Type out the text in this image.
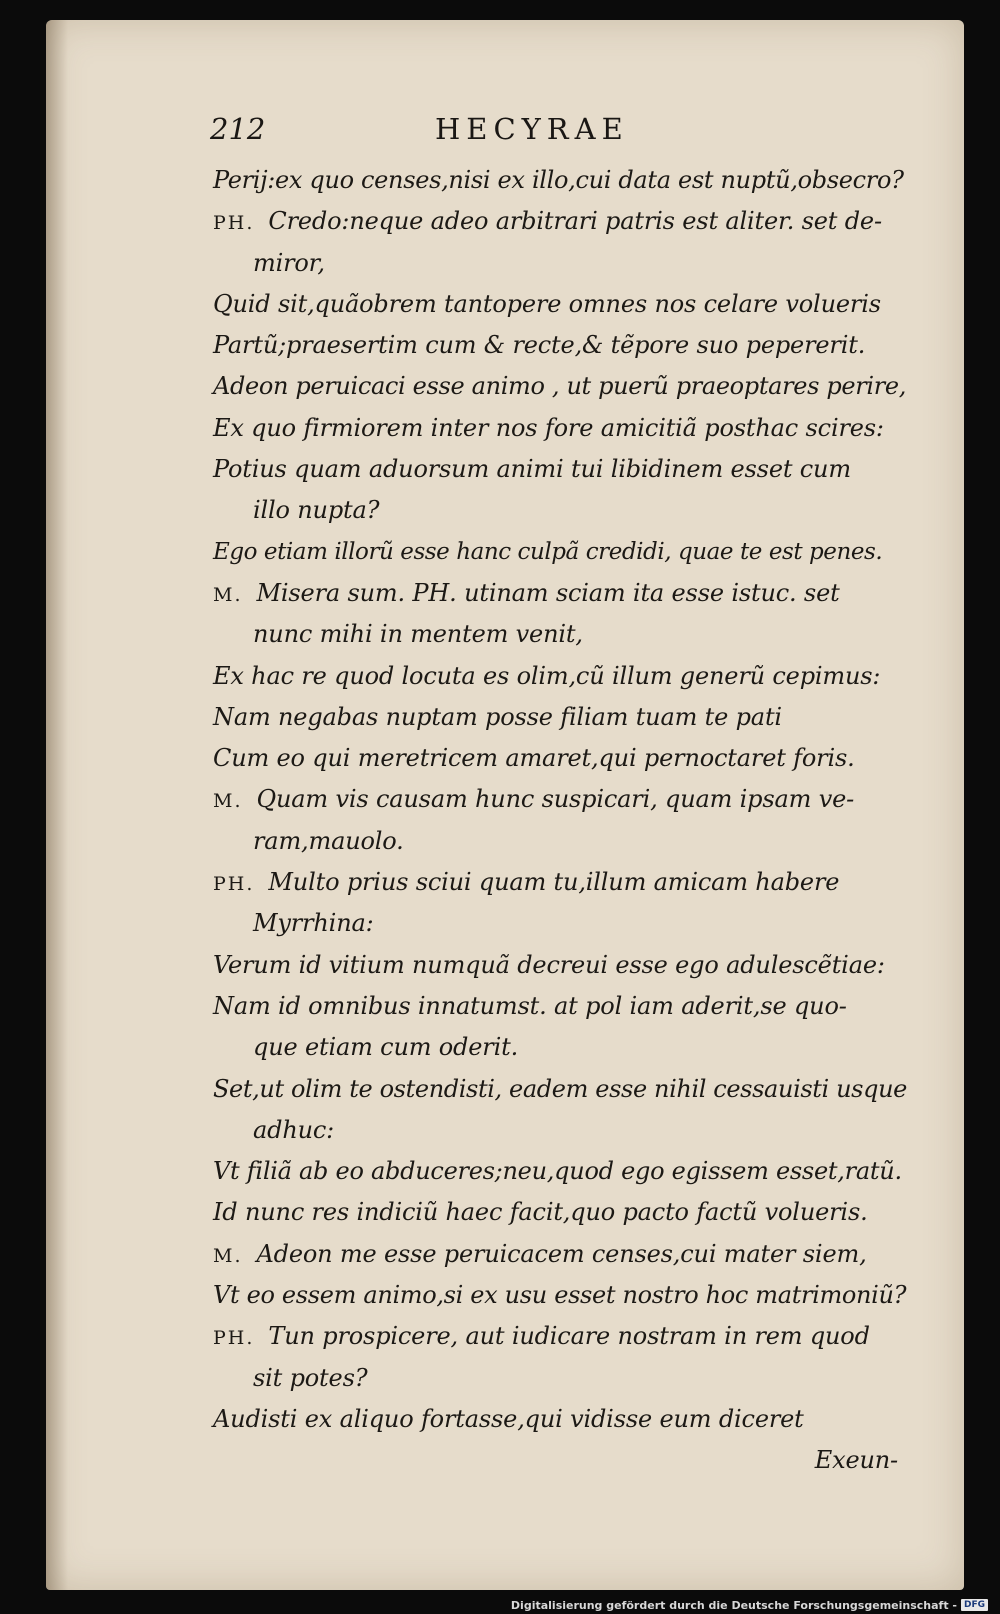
212	HECYRAE
Perij:ex quo censes,nisi ex illo,cui data est nuptũ,obsecro?
PH. Credo:neque adeo arbitrari patris est aliter. set de-
miror,
Quid sit,quãobrem tantopere omnes nos celare volueris
Partũ;praesertim cum & recte,& tẽpore suo pepererit.
Adeon peruicaci esse animo , ut puerũ praeoptares perire,
Ex quo firmiorem inter nos fore amicitiã posthac scires:
Potius quam aduorsum animi tui libidinem esset cum
illo nupta?
Ego etiam illorũ esse hanc culpã credidi, quae te est penes.
M. Misera sum. PH. utinam sciam ita esse istuc. set
nunc mihi in mentem venit,
Ex hac re quod locuta es olim,cũ illum generũ cepimus:
Nam negabas nuptam posse filiam tuam te pati
Cum eo qui meretricem amaret,qui pernoctaret foris.
M. Quam vis causam hunc suspicari, quam ipsam ve-
ram,mauolo.
PH. Multo prius sciui quam tu,illum amicam habere
Myrrhina:
Verum id vitium numquã decreui esse ego adulescẽtiae:
Nam id omnibus innatumst. at pol iam aderit,se quo-
que etiam cum oderit.
Set,ut olim te ostendisti, eadem esse nihil cessauisti usque
adhuc:
Vt filiã ab eo abduceres;neu,quod ego egissem esset,ratũ.
Id nunc res indiciũ haec facit,quo pacto factũ volueris.
M. Adeon me esse peruicacem censes,cui mater siem,
Vt eo essem animo,si ex usu esset nostro hoc matrimoniũ?
PH. Tun prospicere, aut iudicare nostram in rem quod
sit potes?
Audisti ex aliquo fortasse,qui vidisse eum diceret
Exeun-
Digitalisierung gefördert durch die Deutsche Forschungsgemeinschaft - DFG
